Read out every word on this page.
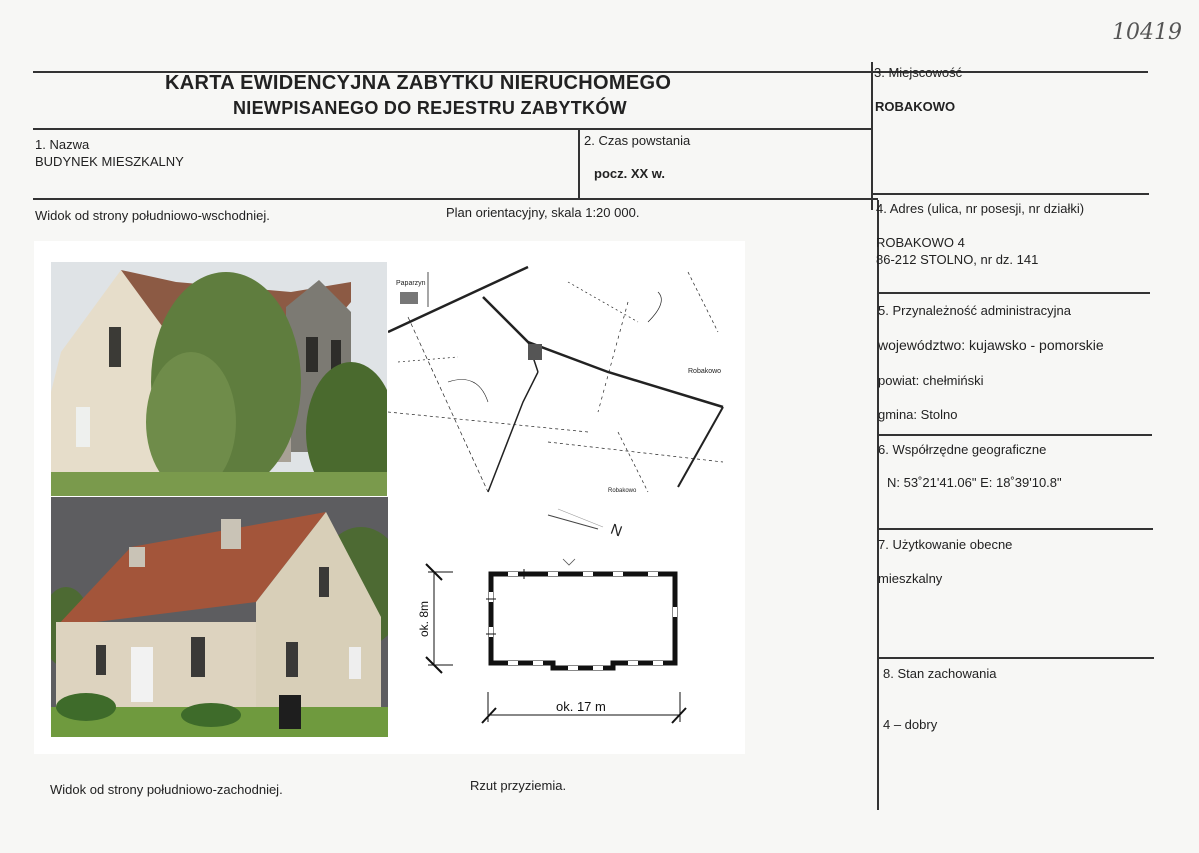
10419
KARTA EWIDENCYJNA ZABYTKU NIERUCHOMEGO
NIEWPISANEGO DO REJESTRU ZABYTKÓW
1. Nazwa
BUDYNEK MIESZKALNY
2. Czas powstania
pocz. XX w.
3. Miejscowość
ROBAKOWO
4. Adres (ulica, nr posesji, nr działki)
ROBAKOWO 4
86-212 STOLNO, nr dz. 141
5. Przynależność administracyjna
województwo: kujawsko - pomorskie
powiat: chełmiński
gmina: Stolno
6. Współrzędne geograficzne
N: 53˚21'41.06" E: 18˚39'10.8"
7. Użytkowanie obecne
mieszkalny
8. Stan zachowania
4 – dobry
Widok od strony południowo-wschodniej.	Plan orientacyjny, skala 1:20 000.
Widok od strony południowo-zachodniej.	Rzut przyziemia.
Paparzyn
Robakowo
Robakowo
N
ok. 8m
ok. 17 m
